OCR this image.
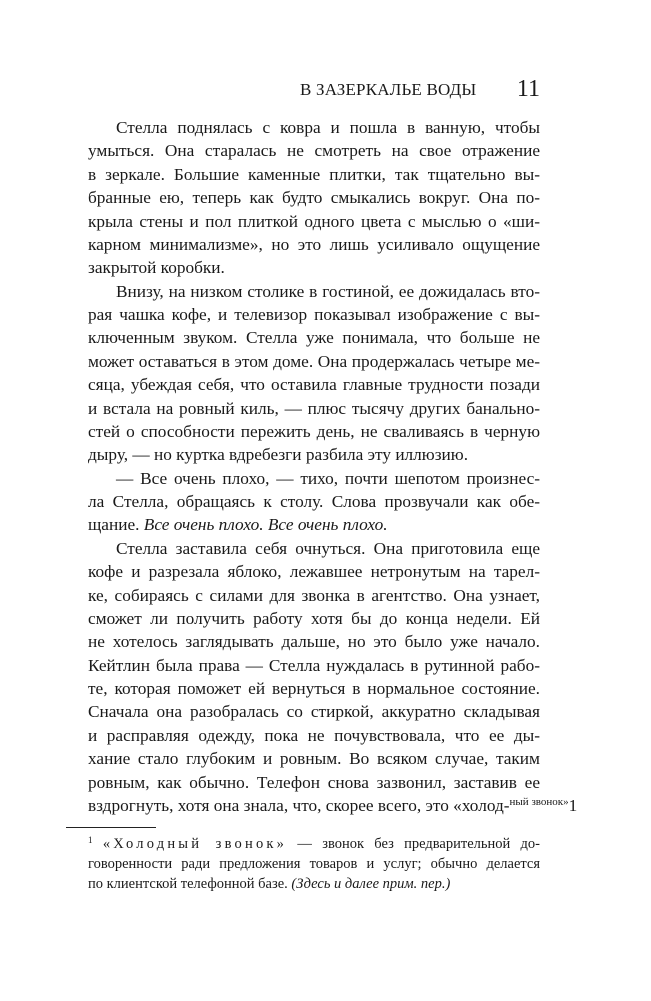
В ЗАЗЕРКАЛЬЕ ВОДЫ 11
Стелла поднялась с ковра и пошла в ванную, чтобы
умыться. Она старалась не смотреть на свое отражение
в зеркале. Большие каменные плитки, так тщательно вы-
бранные ею, теперь как будто смыкались вокруг. Она по-
крыла стены и пол плиткой одного цвета с мыслью о «ши-
карном минимализме», но это лишь усиливало ощущение
закрытой коробки.
Внизу, на низком столике в гостиной, ее дожидалась вто-
рая чашка кофе, и телевизор показывал изображение с вы-
ключенным звуком. Стелла уже понимала, что больше не
может оставаться в этом доме. Она продержалась четыре ме-
сяца, убеждая себя, что оставила главные трудности позади
и встала на ровный киль, — плюс тысячу других банально-
стей о способности пережить день, не сваливаясь в черную
дыру, — но куртка вдребезги разбила эту иллюзию.
— Все очень плохо, — тихо, почти шепотом произнес-
ла Стелла, обращаясь к столу. Слова прозвучали как обе-
щание. Все очень плохо. Все очень плохо.
Стелла заставила себя очнуться. Она приготовила еще
кофе и разрезала яблоко, лежавшее нетронутым на тарел-
ке, собираясь с силами для звонка в агентство. Она узнает,
сможет ли получить работу хотя бы до конца недели. Ей
не хотелось заглядывать дальше, но это было уже начало.
Кейтлин была права — Стелла нуждалась в рутинной рабо-
те, которая поможет ей вернуться в нормальное состояние.
Сначала она разобралась со стиркой, аккуратно складывая
и расправляя одежду, пока не почувствовала, что ее ды-
хание стало глубоким и ровным. Во всяком случае, таким
ровным, как обычно. Телефон снова зазвонил, заставив ее
вздрогнуть, хотя она знала, что, скорее всего, это «холод-$^{ный звонок»}$1
$^1$ «Холодный звонок» — звонок без предварительной до-
говоренности ради предложения товаров и услуг; обычно делается
по клиентской телефонной базе. (Здесь и далее прим. пер.)
